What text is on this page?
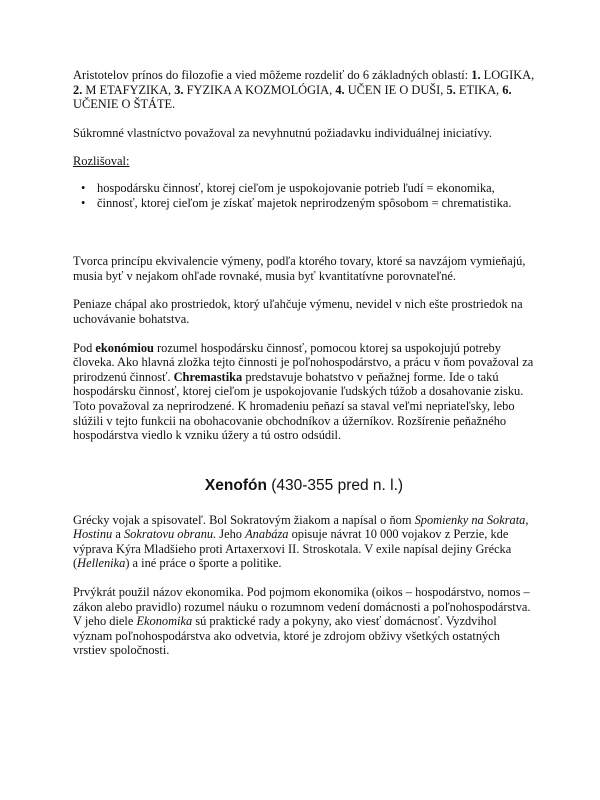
Aristotelov prínos do filozofie a vied môžeme rozdeliť do 6 základných oblastí: 1. LOGIKA, 2. M ETAFYZIKA, 3. FYZIKA A KOZMOLÓGIA, 4. UČEN IE O DUŠI, 5. ETIKA, 6. UČENIE O ŠTÁTE.

Súkromné vlastníctvo považoval za nevyhnutnú požiadavku individuálnej iniciatívy.

Rozlišoval:

• hospodársku činnosť, ktorej cieľom je uspokojovanie potrieb ľudí = ekonomika,
• činnosť, ktorej cieľom je získať majetok neprirodzeným spôsobom = chrematistika.

Tvorca princípu ekvivalencie výmeny, podľa ktorého tovary, ktoré sa navzájom vymieňajú, musia byť v nejakom ohľade rovnaké, musia byť kvantitatívne porovnateľné.

Peniaze chápal ako prostriedok, ktorý uľahčuje výmenu, nevidel v nich ešte prostriedok na uchovávanie bohatstva.

Pod ekonómiou rozumel hospodársku činnosť, pomocou ktorej sa uspokojujú potreby človeka. Ako hlavná zložka tejto činnosti je poľnohospodárstvo, a prácu v ňom považoval za prirodzenú činnosť. Chremastika predstavuje bohatstvo v peňažnej forme. Ide o takú hospodársku činnosť, ktorej cieľom je uspokojovanie ľudských túžob a dosahovanie zisku. Toto považoval za neprirodzené. K hromadeniu peňazí sa staval veľmi nepriateľsky, lebo slúžili v tejto funkcii na obohacovanie obchodníkov a úžerníkov. Rozšírenie peňažného hospodárstva viedlo k vzniku úžery a tú ostro odsúdil.

Xenofón (430-355 pred n. l.)

Grécky vojak a spisovateľ. Bol Sokratovým žiakom a napísal o ňom Spomienky na Sokrata, Hostinu a Sokratovu obranu. Jeho Anabáza opisuje návrat 10 000 vojakov z Perzie, kde výprava Kýra Mladšieho proti Artaxerxovi II. Stroskotala. V exile napísal dejiny Grécka (Hellenika) a iné práce o športe a politike.

Prvýkrát použil názov ekonomika. Pod pojmom ekonomika (oikos – hospodárstvo, nomos – zákon alebo pravidlo) rozumel náuku o rozumnom vedení domácnosti a poľnohospodárstva. V jeho diele Ekonomika sú praktické rady a pokyny, ako viesť domácnosť. Vyzdvihol význam poľnohospodárstva ako odvetvia, ktoré je zdrojom obživy všetkých ostatných vrstiev spoločnosti.
